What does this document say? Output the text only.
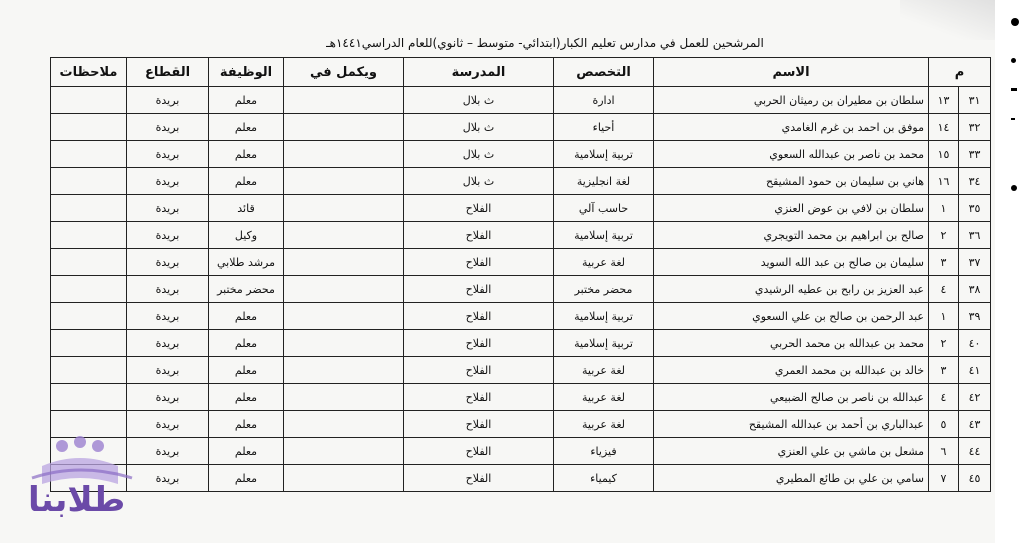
المرشحين للعمل في مدارس تعليم الكبار(ابتدائي- متوسط – ثانوي)للعام الدراسي١٤٤١هـ
م		الاسم	التخصص	المدرسة	ويكمل في	الوظيفة	القطاع	ملاحظات
٣١	١٣	سلطان بن مطيران بن رميثان الحربي	ادارة	ث بلال		معلم	بريدة	
٣٢	١٤	موفق بن احمد بن غرم الغامدي	أحياء	ث بلال		معلم	بريدة	
٣٣	١٥	محمد بن ناصر بن عبدالله السعوي	تربية إسلامية	ث بلال		معلم	بريدة	
٣٤	١٦	هاني بن سليمان بن حمود المشيقح	لغة انجليزية	ث بلال		معلم	بريدة	
٣٥	١	سلطان بن لافي بن عوض العنزي	حاسب آلي	الفلاح		قائد	بريدة	
٣٦	٢	صالح بن ابراهيم بن محمد التويجري	تربية إسلامية	الفلاح		وكيل	بريدة	
٣٧	٣	سليمان بن صالح بن عبد الله السويد	لغة عربية	الفلاح		مرشد طلابي	بريدة	
٣٨	٤	عبد العزيز بن رابح بن عطيه الرشيدي	محضر مختبر	الفلاح		محضر مختبر	بريدة	
٣٩	١	عبد الرحمن بن صالح بن علي السعوي	تربية إسلامية	الفلاح		معلم	بريدة	
٤٠	٢	محمد بن عبدالله بن محمد الحربي	تربية إسلامية	الفلاح		معلم	بريدة	
٤١	٣	خالد بن عبدالله بن محمد العمري	لغة عربية	الفلاح		معلم	بريدة	
٤٢	٤	عبدالله بن ناصر بن صالح الضبيعي	لغة عربية	الفلاح		معلم	بريدة	
٤٣	٥	عبدالباري بن أحمد بن عبدالله المشيقح	لغة عربية	الفلاح		معلم	بريدة	
٤٤	٦	مشعل بن ماشي بن علي العنزي	فيزياء	الفلاح		معلم	بريدة	
٤٥	٧	سامي بن علي بن طائع المطيري	كيمياء	الفلاح		معلم	بريدة	
طلابنا
